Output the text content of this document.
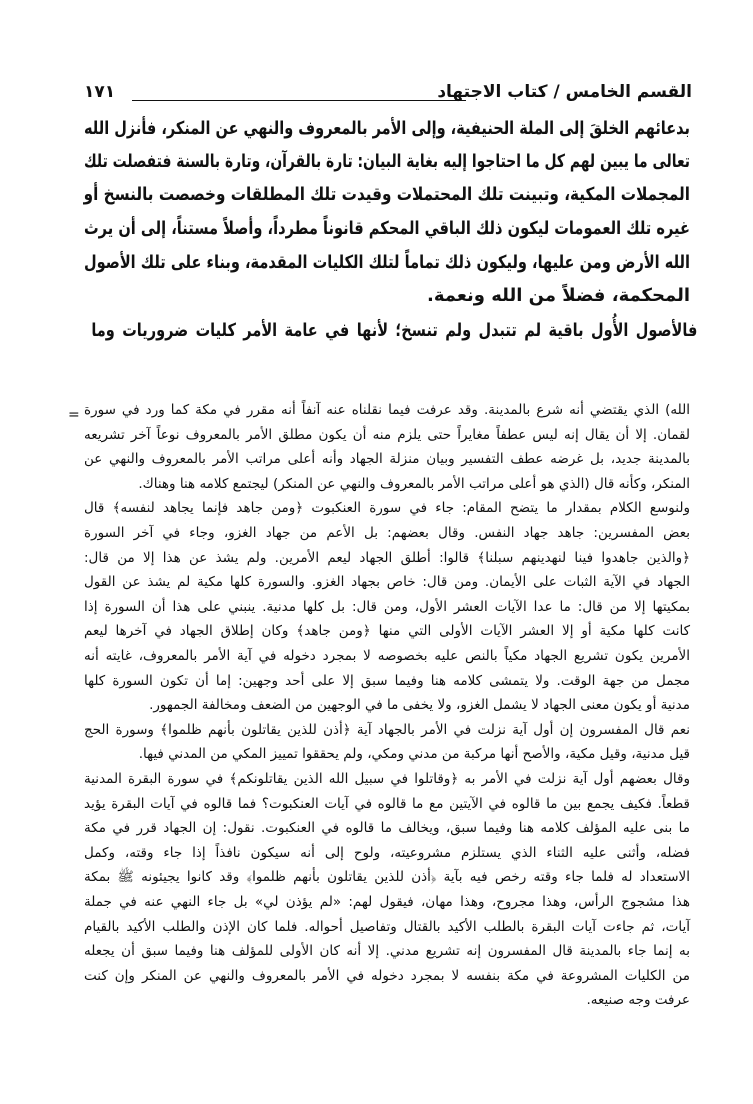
القسم الخامس / كتاب الاجتهاد
١٧١
بدعائهم الخلقَ إلى الملة الحنيفية، وإلى الأمر بالمعروف والنهي عن المنكر، فأنزل الله
تعالى ما يبين لهم كل ما احتاجوا إليه بغاية البيان: تارة بالقرآن، وتارة بالسنة فتفصلت تلك
المجملات المكية، وتبينت تلك المحتملات وقيدت تلك المطلقات وخصصت بالنسخ أو
غيره تلك العمومات ليكون ذلك الباقي المحكم قانوناً مطرداً، وأصلاً مستناً، إلى أن يرث
الله الأرض ومن عليها، وليكون ذلك تماماً لتلك الكليات المقدمة، وبناء على تلك الأصول
المحكمة، فضلاً من الله ونعمة.
فالأصول الأُول باقية لم تتبدل ولم تنسخ؛ لأنها في عامة الأمر كليات ضروريات وما
= الله) الذي يقتضي أنه شرع بالمدينة. وقد عرفت فيما نقلناه عنه آنفاً أنه مقرر في مكة كما ورد في سورة
لقمان. إلا أن يقال إنه ليس عطفاً مغايراً حتى يلزم منه أن يكون مطلق الأمر بالمعروف نوعاً آخر تشريعه
بالمدينة جديد، بل غرضه عطف التفسير وبيان منزلة الجهاد وأنه أعلى مراتب الأمر بالمعروف والنهي عن
المنكر، وكأنه قال (الذي هو أعلى مراتب الأمر بالمعروف والنهي عن المنكر) ليجتمع كلامه هنا وهناك.
ولنوسع الكلام بمقدار ما يتضح المقام: جاء في سورة العنكبوت ﴿ومن جاهد فإنما يجاهد لنفسه﴾ قال
بعض المفسرين: جاهد جهاد النفس. وقال بعضهم: بل الأعم من جهاد الغزو، وجاء في آخر السورة
﴿والذين جاهدوا فينا لنهدينهم سبلنا﴾ قالوا: أطلق الجهاد ليعم الأمرين. ولم يشذ عن هذا إلا من قال:
الجهاد في الآية الثبات على الأيمان. ومن قال: خاص بجهاد الغزو. والسورة كلها مكية لم يشذ عن القول
بمكيتها إلا من قال: ما عدا الآيات العشر الأول، ومن قال: بل كلها مدنية. ينبني على هذا أن السورة إذا
كانت كلها مكية أو إلا العشر الآيات الأولى التي منها ﴿ومن جاهد﴾ وكان إطلاق الجهاد في آخرها ليعم
الأمرين يكون تشريع الجهاد مكياً بالنص عليه بخصوصه لا بمجرد دخوله في آية الأمر بالمعروف، غايته أنه
مجمل من جهة الوقت. ولا يتمشى كلامه هنا وفيما سبق إلا على أحد وجهين: إما أن تكون السورة كلها
مدنية أو يكون معنى الجهاد لا يشمل الغزو، ولا يخفى ما في الوجهين من الضعف ومخالفة الجمهور.
نعم قال المفسرون إن أول آية نزلت في الأمر بالجهاد آية ﴿أذن للذين يقاتلون بأنهم ظلموا﴾ وسورة الحج
قيل مدنية، وقيل مكية، والأصح أنها مركبة من مدني ومكي، ولم يحققوا تمييز المكي من المدني فيها.
وقال بعضهم أول آية نزلت في الأمر به ﴿وقاتلوا في سبيل الله الذين يقاتلونكم﴾ في سورة البقرة المدنية
قطعاً. فكيف يجمع بين ما قالوه في الآيتين مع ما قالوه في آيات العنكبوت؟ فما قالوه في آيات البقرة يؤيد
ما بنى عليه المؤلف كلامه هنا وفيما سبق، ويخالف ما قالوه في العنكبوت. نقول: إن الجهاد قرر في مكة
فضله، وأثنى عليه الثناء الذي يستلزم مشروعيته، ولوح إلى أنه سيكون نافذاً إذا جاء وقته، وكمل
الاستعداد له فلما جاء وقته رخص فيه بآية ﴿أذن للذين يقاتلون بأنهم ظلموا﴾ وقد كانوا يجيئونه ﷺ بمكة
هذا مشجوج الرأس، وهذا مجروح، وهذا مهان، فيقول لهم: «لم يؤذن لي» بل جاء النهي عنه في جملة
آيات، ثم جاءت آيات البقرة بالطلب الأكيد بالقتال وتفاصيل أحواله. فلما كان الإذن والطلب الأكيد بالقيام
به إنما جاء بالمدينة قال المفسرون إنه تشريع مدني. إلا أنه كان الأولى للمؤلف هنا وفيما سبق أن يجعله
من الكليات المشروعة في مكة بنفسه لا بمجرد دخوله في الأمر بالمعروف والنهي عن المنكر وإن كنت
عرفت وجه صنيعه.
